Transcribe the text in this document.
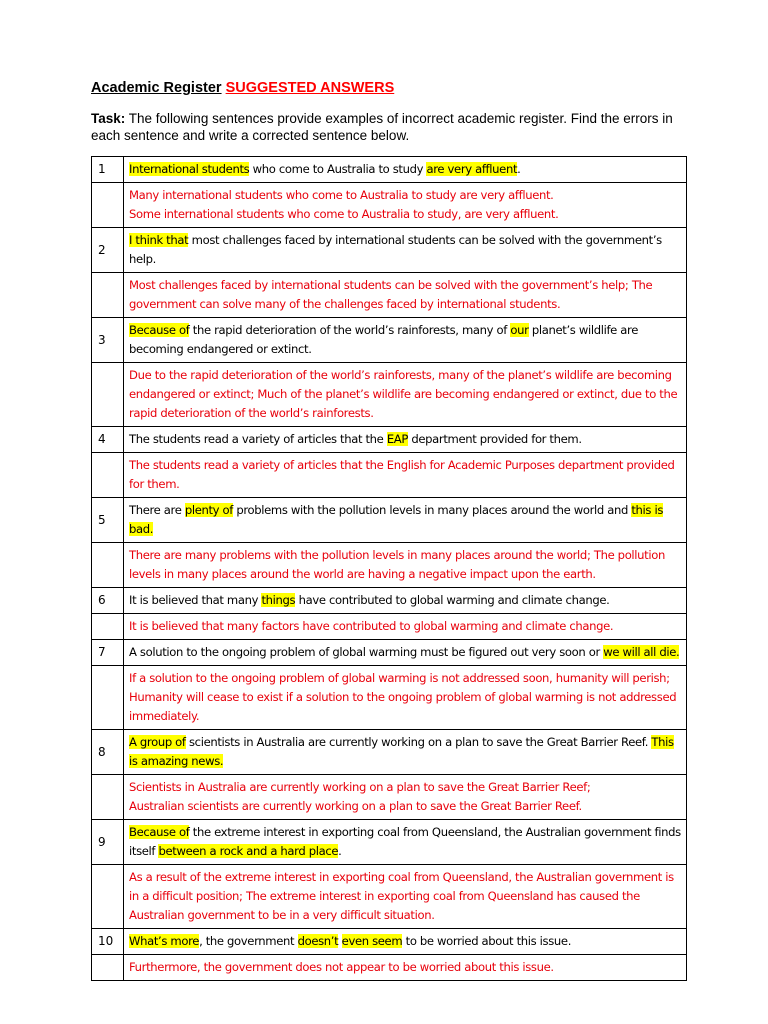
Academic Register SUGGESTED ANSWERS
Task: The following sentences provide examples of incorrect academic register. Find the errors in each sentence and write a corrected sentence below.
1	International students who come to Australia to study are very affluent.

	Many international students who come to Australia to study are very affluent.
Some international students who come to Australia to study, are very affluent.

2	I think that most challenges faced by international students can be solved with the government’s help.

	Most challenges faced by international students can be solved with the government’s help; The government can solve many of the challenges faced by international students.

3	Because of the rapid deterioration of the world’s rainforests, many of our planet’s wildlife are becoming endangered or extinct.

	Due to the rapid deterioration of the world’s rainforests, many of the planet’s wildlife are becoming endangered or extinct; Much of the planet’s wildlife are becoming endangered or extinct, due to the rapid deterioration of the world’s rainforests.

4	The students read a variety of articles that the EAP department provided for them.

	The students read a variety of articles that the English for Academic Purposes department provided for them.

5	There are plenty of problems with the pollution levels in many places around the world and this is bad.

	There are many problems with the pollution levels in many places around the world; The pollution levels in many places around the world are having a negative impact upon the earth.

6	It is believed that many things have contributed to global warming and climate change.

	It is believed that many factors have contributed to global warming and climate change.

7	A solution to the ongoing problem of global warming must be figured out very soon or we will all die.

	If a solution to the ongoing problem of global warming is not addressed soon, humanity will perish; Humanity will cease to exist if a solution to the ongoing problem of global warming is not addressed immediately.

8	A group of scientists in Australia are currently working on a plan to save the Great Barrier Reef. This is amazing news.

	Scientists in Australia are currently working on a plan to save the Great Barrier Reef;
Australian scientists are currently working on a plan to save the Great Barrier Reef.

9	Because of the extreme interest in exporting coal from Queensland, the Australian government finds itself between a rock and a hard place.

	As a result of the extreme interest in exporting coal from Queensland, the Australian government is in a difficult position; The extreme interest in exporting coal from Queensland has caused the Australian government to be in a very difficult situation.

10	What’s more, the government doesn’t even seem to be worried about this issue.

	Furthermore, the government does not appear to be worried about this issue.
